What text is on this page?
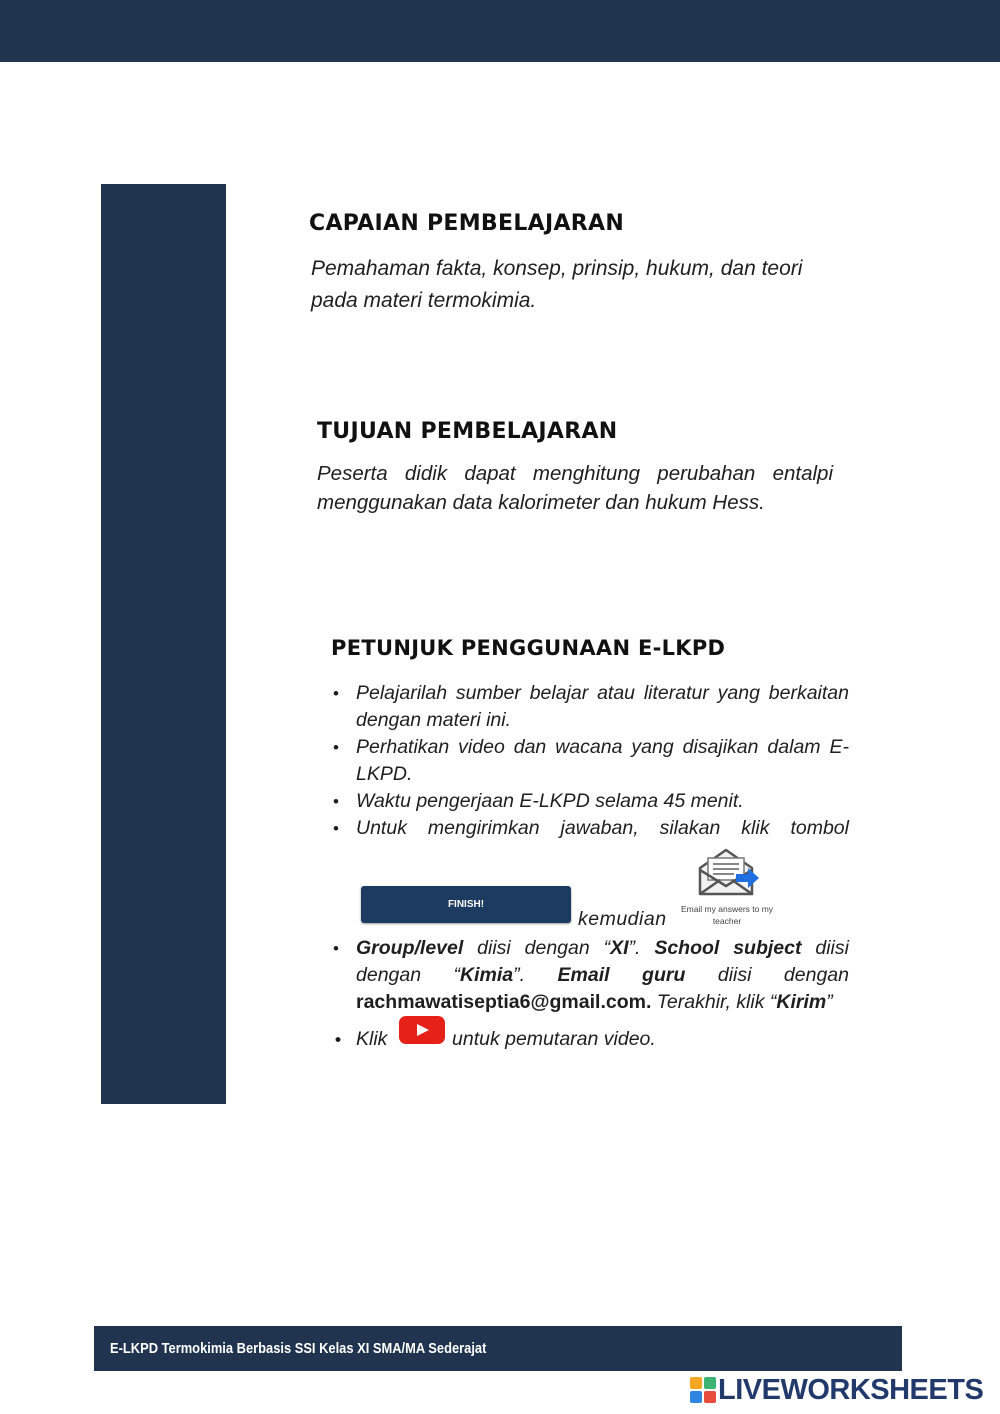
CAPAIAN PEMBELAJARAN
Pemahaman fakta, konsep, prinsip, hukum, dan teori pada materi termokimia.
TUJUAN PEMBELAJARAN
Peserta didik dapat menghitung perubahan entalpi menggunakan data kalorimeter dan hukum Hess.
PETUNJUK PENGGUNAAN E-LKPD
• Pelajarilah sumber belajar atau literatur yang berkaitan dengan materi ini.
• Perhatikan video dan wacana yang disajikan dalam E-LKPD.
• Waktu pengerjaan E-LKPD selama 45 menit.
• Untuk mengirimkan jawaban, silakan klik tombol
FINISH!
kemudian	Email my answers to my teacher
• Group/level diisi dengan “XI”. School subject diisi dengan “Kimia”. Email guru diisi dengan rachmawatiseptia6@gmail.com. Terakhir, klik “Kirim”
• Klik	untuk pemutaran video.
E-LKPD Termokimia Berbasis SSI Kelas XI SMA/MA Sederajat
LIVEWORKSHEETS
